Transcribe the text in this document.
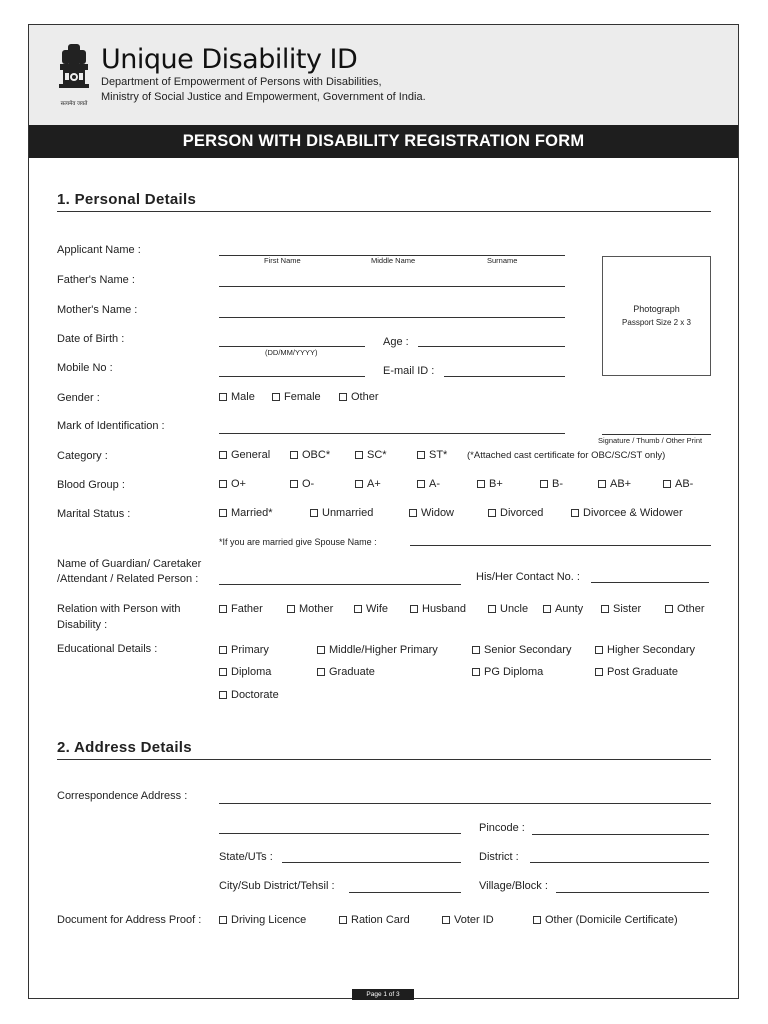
सत्यमेव जयते
Unique Disability ID
Department of Empowerment of Persons with Disabilities,
Ministry of Social Justice and Empowerment, Government of India.
PERSON WITH DISABILITY REGISTRATION FORM
1. Personal Details
Applicant Name :
First Name	Middle Name	Surname
Father's Name :
Mother's Name :
Date of Birth :
(DD/MM/YYYY)
Age :
Mobile No :	E-mail ID :
Photograph
Passport Size 2 x 3
Gender :	Male	Female	Other
Mark of Identification :
Signature / Thumb / Other Print
Category :	General	OBC*	SC*	ST* (*Attached cast certificate for OBC/SC/ST only)
Blood Group :	O+	O-	A+	A-	B+	B-	AB+	AB-
Marital Status :	Married*	Unmarried	Widow	Divorced	Divorcee & Widower
*If you are married give Spouse Name :
Name of Guardian/ Caretaker
/Attendant / Related Person :	His/Her Contact No. :
Relation with Person with
Disability :
Father	Mother	Wife	Husband	Uncle	Aunty	Sister	Other
Educational Details :	Primary	Middle/Higher Primary	Senior Secondary	Higher Secondary
Diploma	Graduate	PG Diploma	Post Graduate
Doctorate
2. Address Details
Correspondence Address :
Pincode :
State/UTs :	District :
City/Sub District/Tehsil :	Village/Block :
Document for Address Proof :	Driving Licence	Ration Card	Voter ID	Other (Domicile Certificate)
Page 1 of 3
